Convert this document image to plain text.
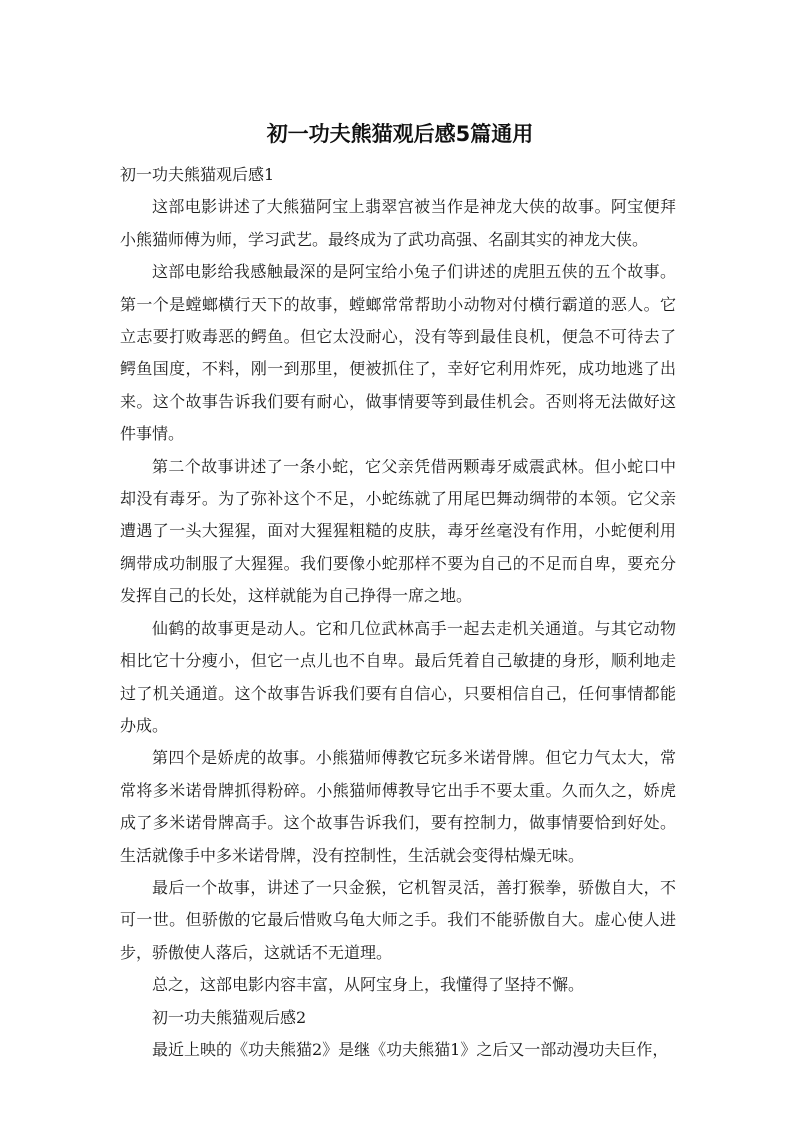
初一功夫熊猫观后感5篇通用

初一功夫熊猫观后感1

这部电影讲述了大熊猫阿宝上翡翠宫被当作是神龙大侠的故事。阿宝便拜小熊猫师傅为师，学习武艺。最终成为了武功高强、名副其实的神龙大侠。

这部电影给我感触最深的是阿宝给小兔子们讲述的虎胆五侠的五个故事。第一个是螳螂横行天下的故事，螳螂常常帮助小动物对付横行霸道的恶人。它立志要打败毒恶的鳄鱼。但它太没耐心，没有等到最佳良机，便急不可待去了鳄鱼国度，不料，刚一到那里，便被抓住了，幸好它利用炸死，成功地逃了出来。这个故事告诉我们要有耐心，做事情要等到最佳机会。否则将无法做好这件事情。

第二个故事讲述了一条小蛇，它父亲凭借两颗毒牙威震武林。但小蛇口中却没有毒牙。为了弥补这个不足，小蛇练就了用尾巴舞动绸带的本领。它父亲遭遇了一头大猩猩，面对大猩猩粗糙的皮肤，毒牙丝毫没有作用，小蛇便利用绸带成功制服了大猩猩。我们要像小蛇那样不要为自己的不足而自卑，要充分发挥自己的长处，这样就能为自己挣得一席之地。

仙鹤的故事更是动人。它和几位武林高手一起去走机关通道。与其它动物相比它十分瘦小，但它一点儿也不自卑。最后凭着自己敏捷的身形，顺利地走过了机关通道。这个故事告诉我们要有自信心，只要相信自己，任何事情都能办成。

第四个是娇虎的故事。小熊猫师傅教它玩多米诺骨牌。但它力气太大，常常将多米诺骨牌抓得粉碎。小熊猫师傅教导它出手不要太重。久而久之，娇虎成了多米诺骨牌高手。这个故事告诉我们，要有控制力，做事情要恰到好处。生活就像手中多米诺骨牌，没有控制性，生活就会变得枯燥无味。

最后一个故事，讲述了一只金猴，它机智灵活，善打猴拳，骄傲自大，不可一世。但骄傲的它最后惜败乌龟大师之手。我们不能骄傲自大。虚心使人进步，骄傲使人落后，这就话不无道理。

总之，这部电影内容丰富，从阿宝身上，我懂得了坚持不懈。

初一功夫熊猫观后感2

最近上映的《功夫熊猫2》是继《功夫熊猫1》之后又一部动漫功夫巨作，
